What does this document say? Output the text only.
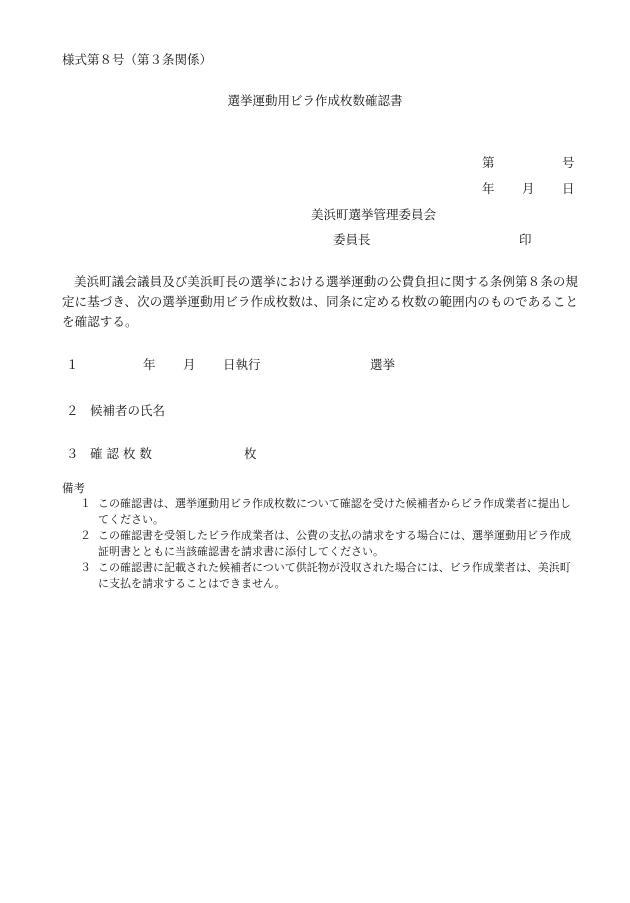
様式第８号（第３条関係）
選挙運動用ビラ作成枚数確認書
第	号
年 月 日
美浜町選挙管理委員会
委員長	印
美浜町議会議員及び美浜町長の選挙における選挙運動の公費負担に関する条例第８条の規定に基づき、次の選挙運動用ビラ作成枚数は、同条に定める枚数の範囲内のものであることを確認する。
１	年 月 日執行	選挙
２ 候補者の氏名
３ 確 認 枚 数	枚
備考
１ この確認書は、選挙運動用ビラ作成枚数について確認を受けた候補者からビラ作成業者に提出してください。
２ この確認書を受領したビラ作成業者は、公費の支払の請求をする場合には、選挙運動用ビラ作成証明書とともに当該確認書を請求書に添付してください。
３ この確認書に記載された候補者について供託物が没収された場合には、ビラ作成業者は、美浜町に支払を請求することはできません。
